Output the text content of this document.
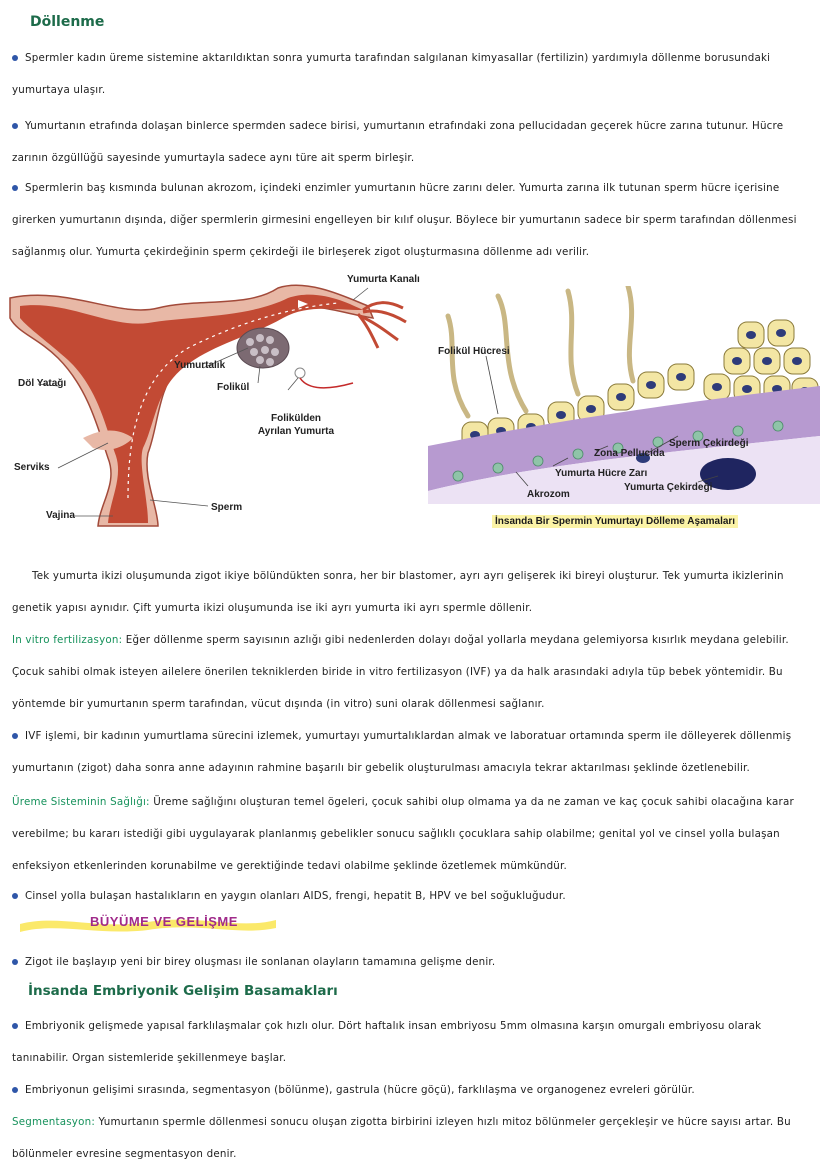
Döllenme
Spermler kadın üreme sistemine aktarıldıktan sonra yumurta tarafından salgılanan kimyasallar (fertilizin) yardımıyla döllenme borusundaki yumurtaya ulaşır.
Yumurtanın etrafında dolaşan binlerce spermden sadece birisi, yumurtanın etrafındaki zona pellucidadan geçerek hücre zarına tutunur. Hücre zarının özgüllüğü sayesinde yumurtayla sadece aynı türe ait sperm birleşir.
Spermlerin baş kısmında bulunan akrozom, içindeki enzimler yumurtanın hücre zarını deler. Yumurta zarına ilk tutunan sperm hücre içerisine girerken yumurtanın dışında, diğer spermlerin girmesini engelleyen bir kılıf oluşur. Böylece bir yumurtanın sadece bir sperm tarafından döllenmesi sağlanmış olur. Yumurta çekirdeğinin sperm çekirdeği ile birleşerek zigot oluşturmasına döllenme adı verilir.
Yumurta Kanalı
Yumurtalık
Folikül
Döl Yatağı
Folikülden Ayrılan Yumurta
Serviks
Vajina
Sperm
Folikül Hücresi
Sperm Çekirdeği
Zona Pellucida
Yumurta Hücre Zarı
Yumurta Çekirdeği
Akrozom
İnsanda Bir Spermin Yumurtayı Dölleme Aşamaları
Tek yumurta ikizi oluşumunda zigot ikiye bölündükten sonra, her bir blastomer, ayrı ayrı gelişerek iki bireyi oluşturur. Tek yumurta ikizlerinin genetik yapısı aynıdır. Çift yumurta ikizi oluşumunda ise iki ayrı yumurta iki ayrı spermle döllenir.
In vitro fertilizasyon: Eğer döllenme sperm sayısının azlığı gibi nedenlerden dolayı doğal yollarla meydana gelemiyorsa kısırlık meydana gelebilir. Çocuk sahibi olmak isteyen ailelere önerilen tekniklerden biride in vitro fertilizasyon (IVF) ya da halk arasındaki adıyla tüp bebek yöntemidir. Bu yöntemde bir yumurtanın sperm tarafından, vücut dışında (in vitro) suni olarak döllenmesi sağlanır.
IVF işlemi, bir kadının yumurtlama sürecini izlemek, yumurtayı yumurtalıklardan almak ve laboratuar ortamında sperm ile dölleyerek döllenmiş yumurtanın (zigot) daha sonra anne adayının rahmine başarılı bir gebelik oluşturulması amacıyla tekrar aktarılması şeklinde özetlenebilir.
Üreme Sisteminin Sağlığı: Üreme sağlığını oluşturan temel ögeleri, çocuk sahibi olup olmama ya da ne zaman ve kaç çocuk sahibi olacağına karar verebilme; bu kararı istediği gibi uygulayarak planlanmış gebelikler sonucu sağlıklı çocuklara sahip olabilme; genital yol ve cinsel yolla bulaşan enfeksiyon etkenlerinden korunabilme ve gerektiğinde tedavi olabilme şeklinde özetlemek mümkündür.
Cinsel yolla bulaşan hastalıkların en yaygın olanları AIDS, frengi, hepatit B, HPV ve bel soğukluğudur.
BÜYÜME VE GELİŞME
Zigot ile başlayıp yeni bir birey oluşması ile sonlanan olayların tamamına gelişme denir.
İnsanda Embriyonik Gelişim Basamakları
Embriyonik gelişmede yapısal farklılaşmalar çok hızlı olur. Dört haftalık insan embriyosu 5mm olmasına karşın omurgalı embriyosu olarak tanınabilir. Organ sistemleride şekillenmeye başlar.
Embriyonun gelişimi sırasında, segmentasyon (bölünme), gastrula (hücre göçü), farklılaşma ve organogenez evreleri görülür.
Segmentasyon: Yumurtanın spermle döllenmesi sonucu oluşan zigotta birbirini izleyen hızlı mitoz bölünmeler gerçekleşir ve hücre sayısı artar. Bu bölünmeler evresine segmentasyon denir.
